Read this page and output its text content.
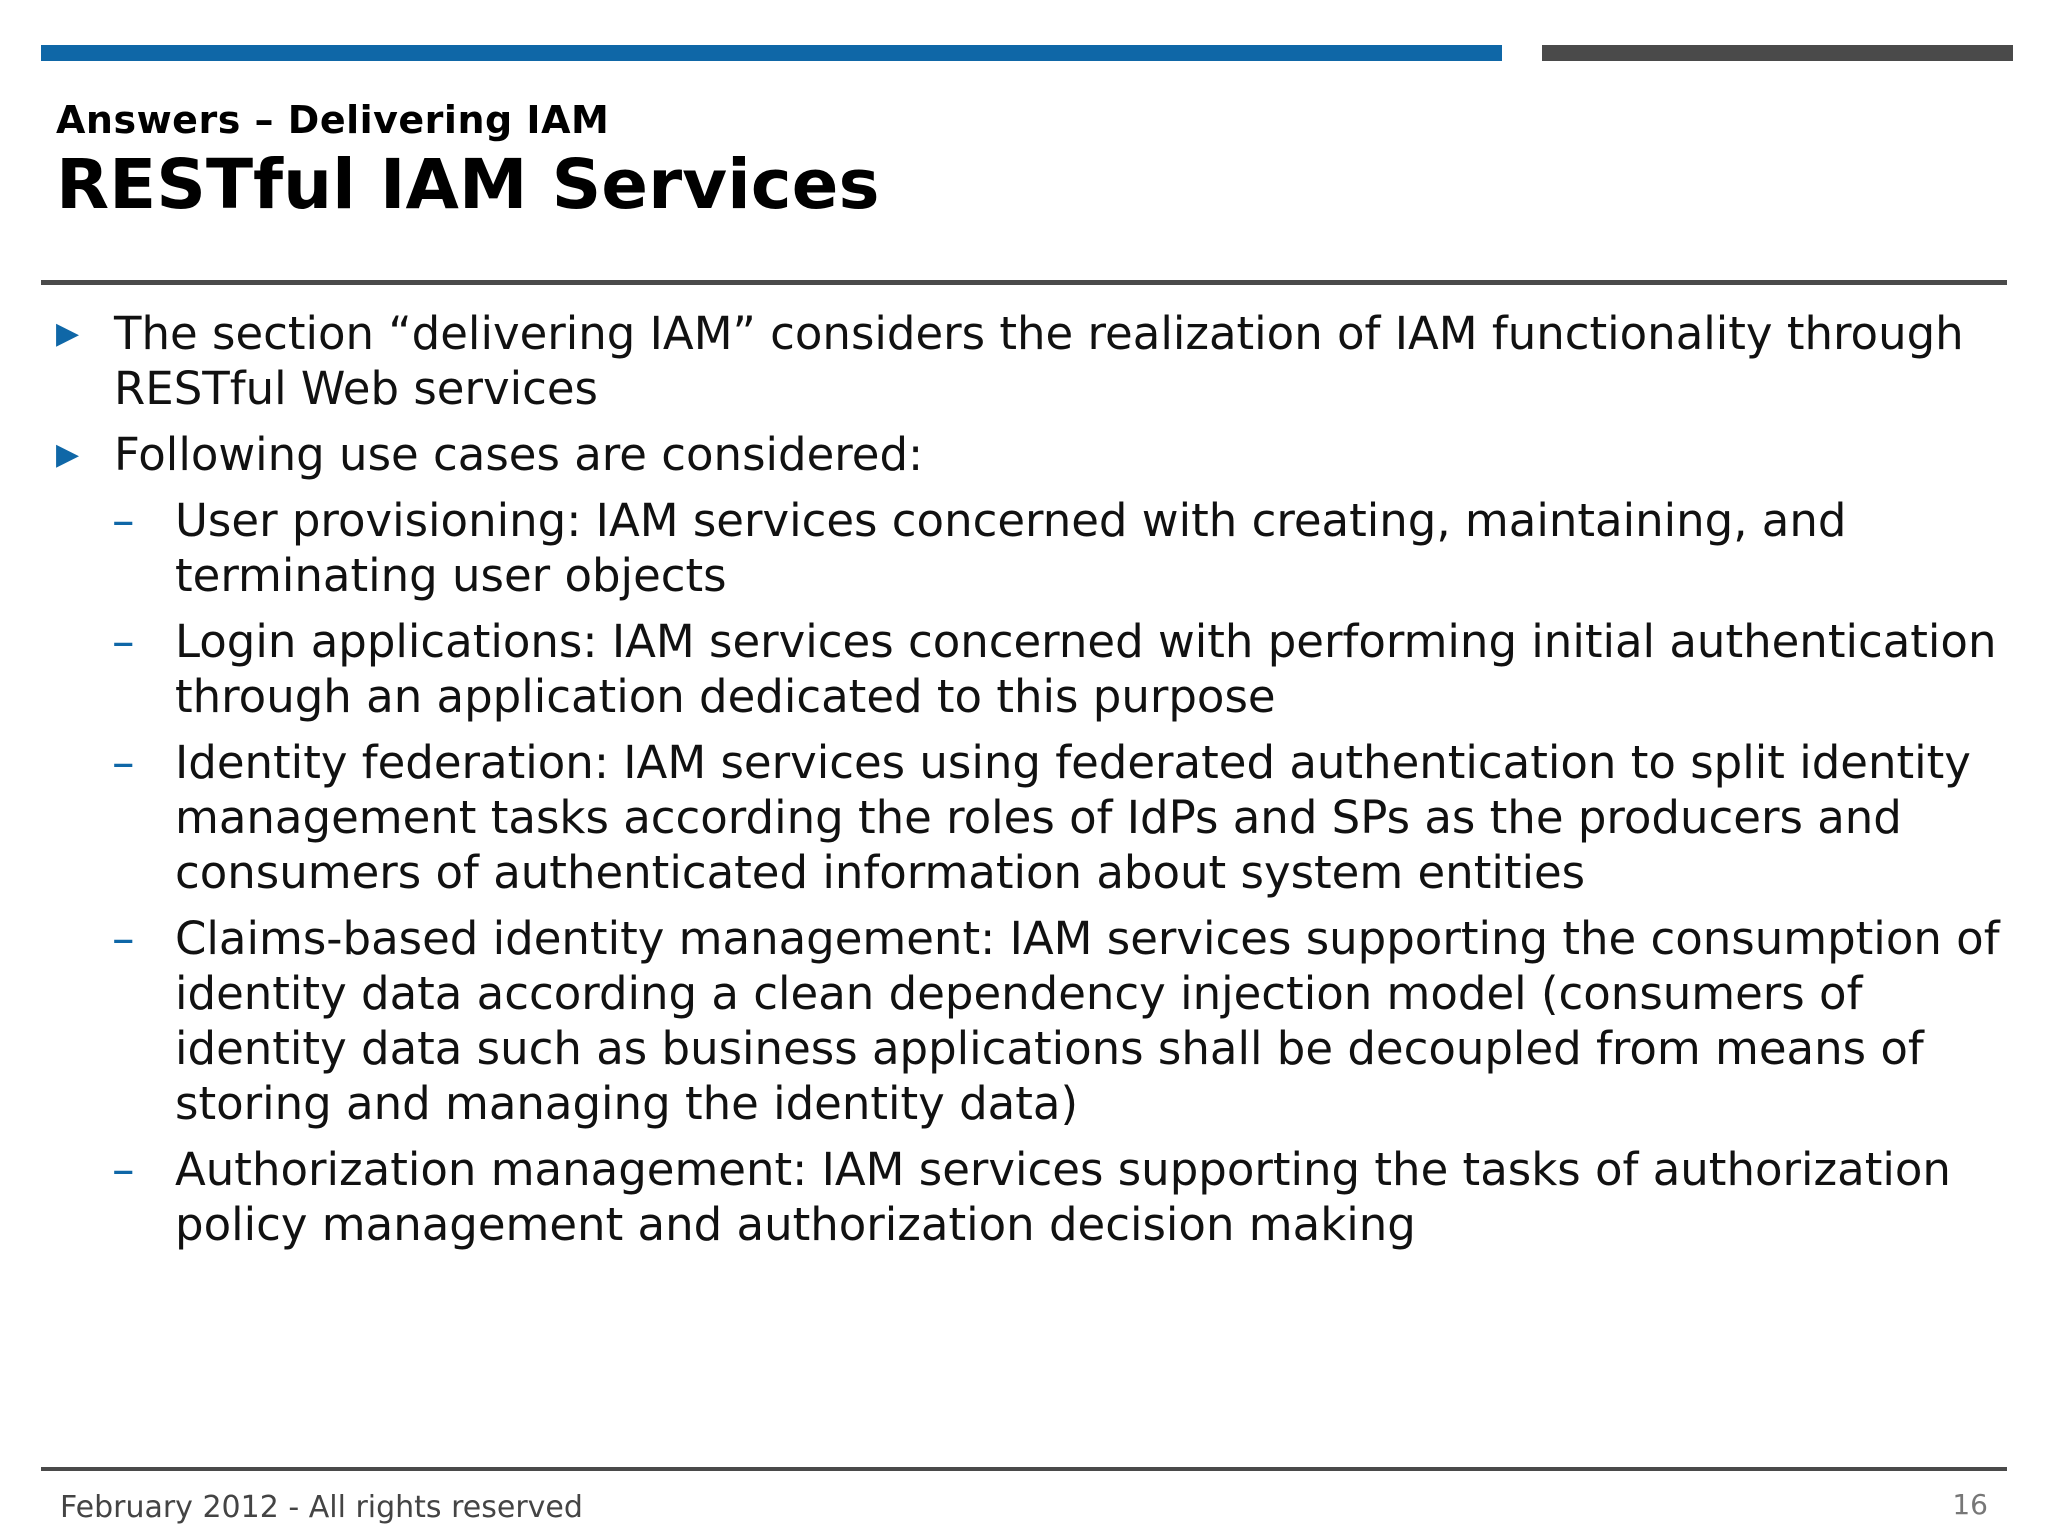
Answers – Delivering IAM
RESTful IAM Services
▶ The section “delivering IAM” considers the realization of IAM functionality through RESTful Web services
▶ Following use cases are considered:
– User provisioning: IAM services concerned with creating, maintaining, and terminating user objects
– Login applications: IAM services concerned with performing initial authentication through an application dedicated to this purpose
– Identity federation: IAM services using federated authentication to split identity management tasks according the roles of IdPs and SPs as the producers and consumers of authenticated information about system entities
– Claims-based identity management: IAM services supporting the consumption of identity data according a clean dependency injection model (consumers of identity data such as business applications shall be decoupled from means of storing and managing the identity data)
– Authorization management: IAM services supporting the tasks of authorization policy management and authorization decision making
February 2012 - All rights reserved	16
